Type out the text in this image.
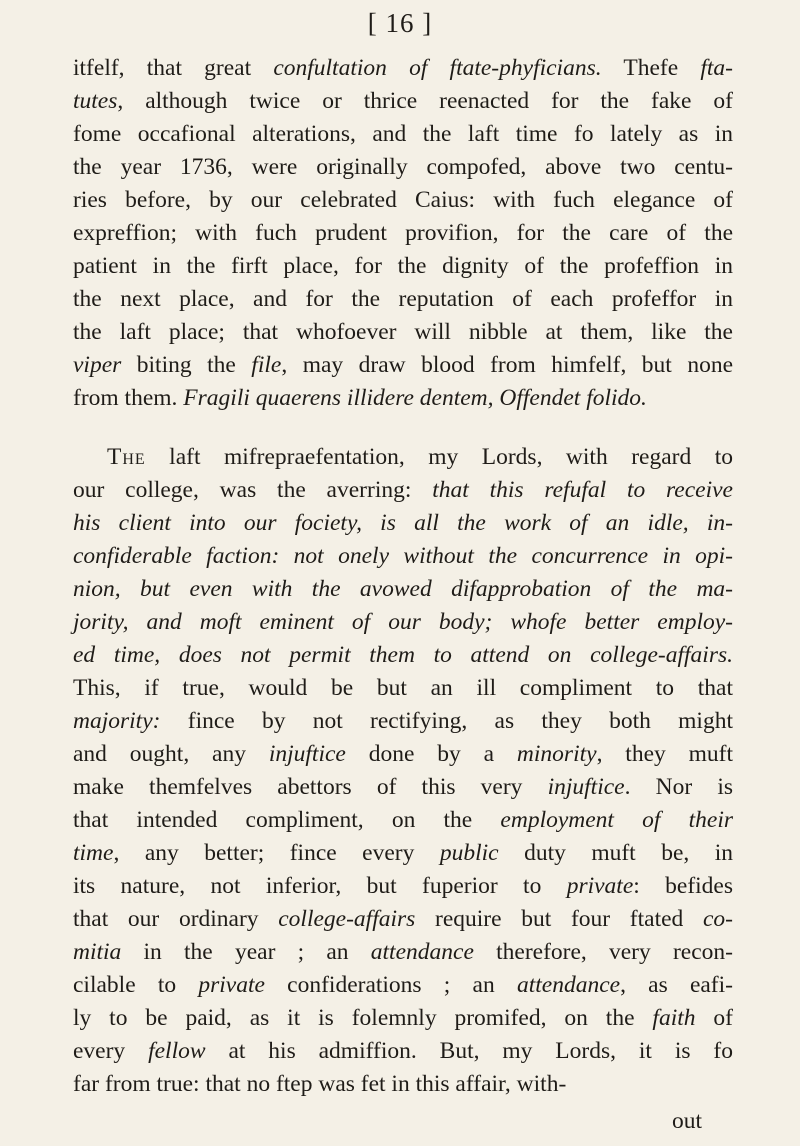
[ 16 ]
itfelf, that great confultation of ftate-phyficians. Thefe fta-
tutes, although twice or thrice reenacted for the fake of
fome occafional alterations, and the laft time fo lately as in
the year 1736, were originally compofed, above two centu-
ries before, by our celebrated Caius: with fuch elegance of
expreffion; with fuch prudent provifion, for the care of the
patient in the firft place, for the dignity of the profeffion in
the next place, and for the reputation of each profeffor in
the laft place; that whofoever will nibble at them, like the
viper biting the file, may draw blood from himfelf, but none
from them. Fragili quaerens illidere dentem, Offendet folido.
The laft mifrepraefentation, my Lords, with regard to
our college, was the averring: that this refufal to receive
his client into our fociety, is all the work of an idle, in-
confiderable faction: not onely without the concurrence in opi-
nion, but even with the avowed difapprobation of the ma-
jority, and moft eminent of our body; whofe better employ-
ed time, does not permit them to attend on college-affairs.
This, if true, would be but an ill compliment to that
majority: fince by not rectifying, as they both might
and ought, any injuftice done by a minority, they muft
make themfelves abettors of this very injuftice. Nor is
that intended compliment, on the employment of their
time, any better; fince every public duty muft be, in
its nature, not inferior, but fuperior to private: befides
that our ordinary college-affairs require but four ftated co-
mitia in the year ; an attendance therefore, very recon-
cilable to private confiderations ; an attendance, as eafi-
ly to be paid, as it is folemnly promifed, on the faith of
every fellow at his admiffion. But, my Lords, it is fo
far from true: that no ftep was fet in this affair, with-
out
